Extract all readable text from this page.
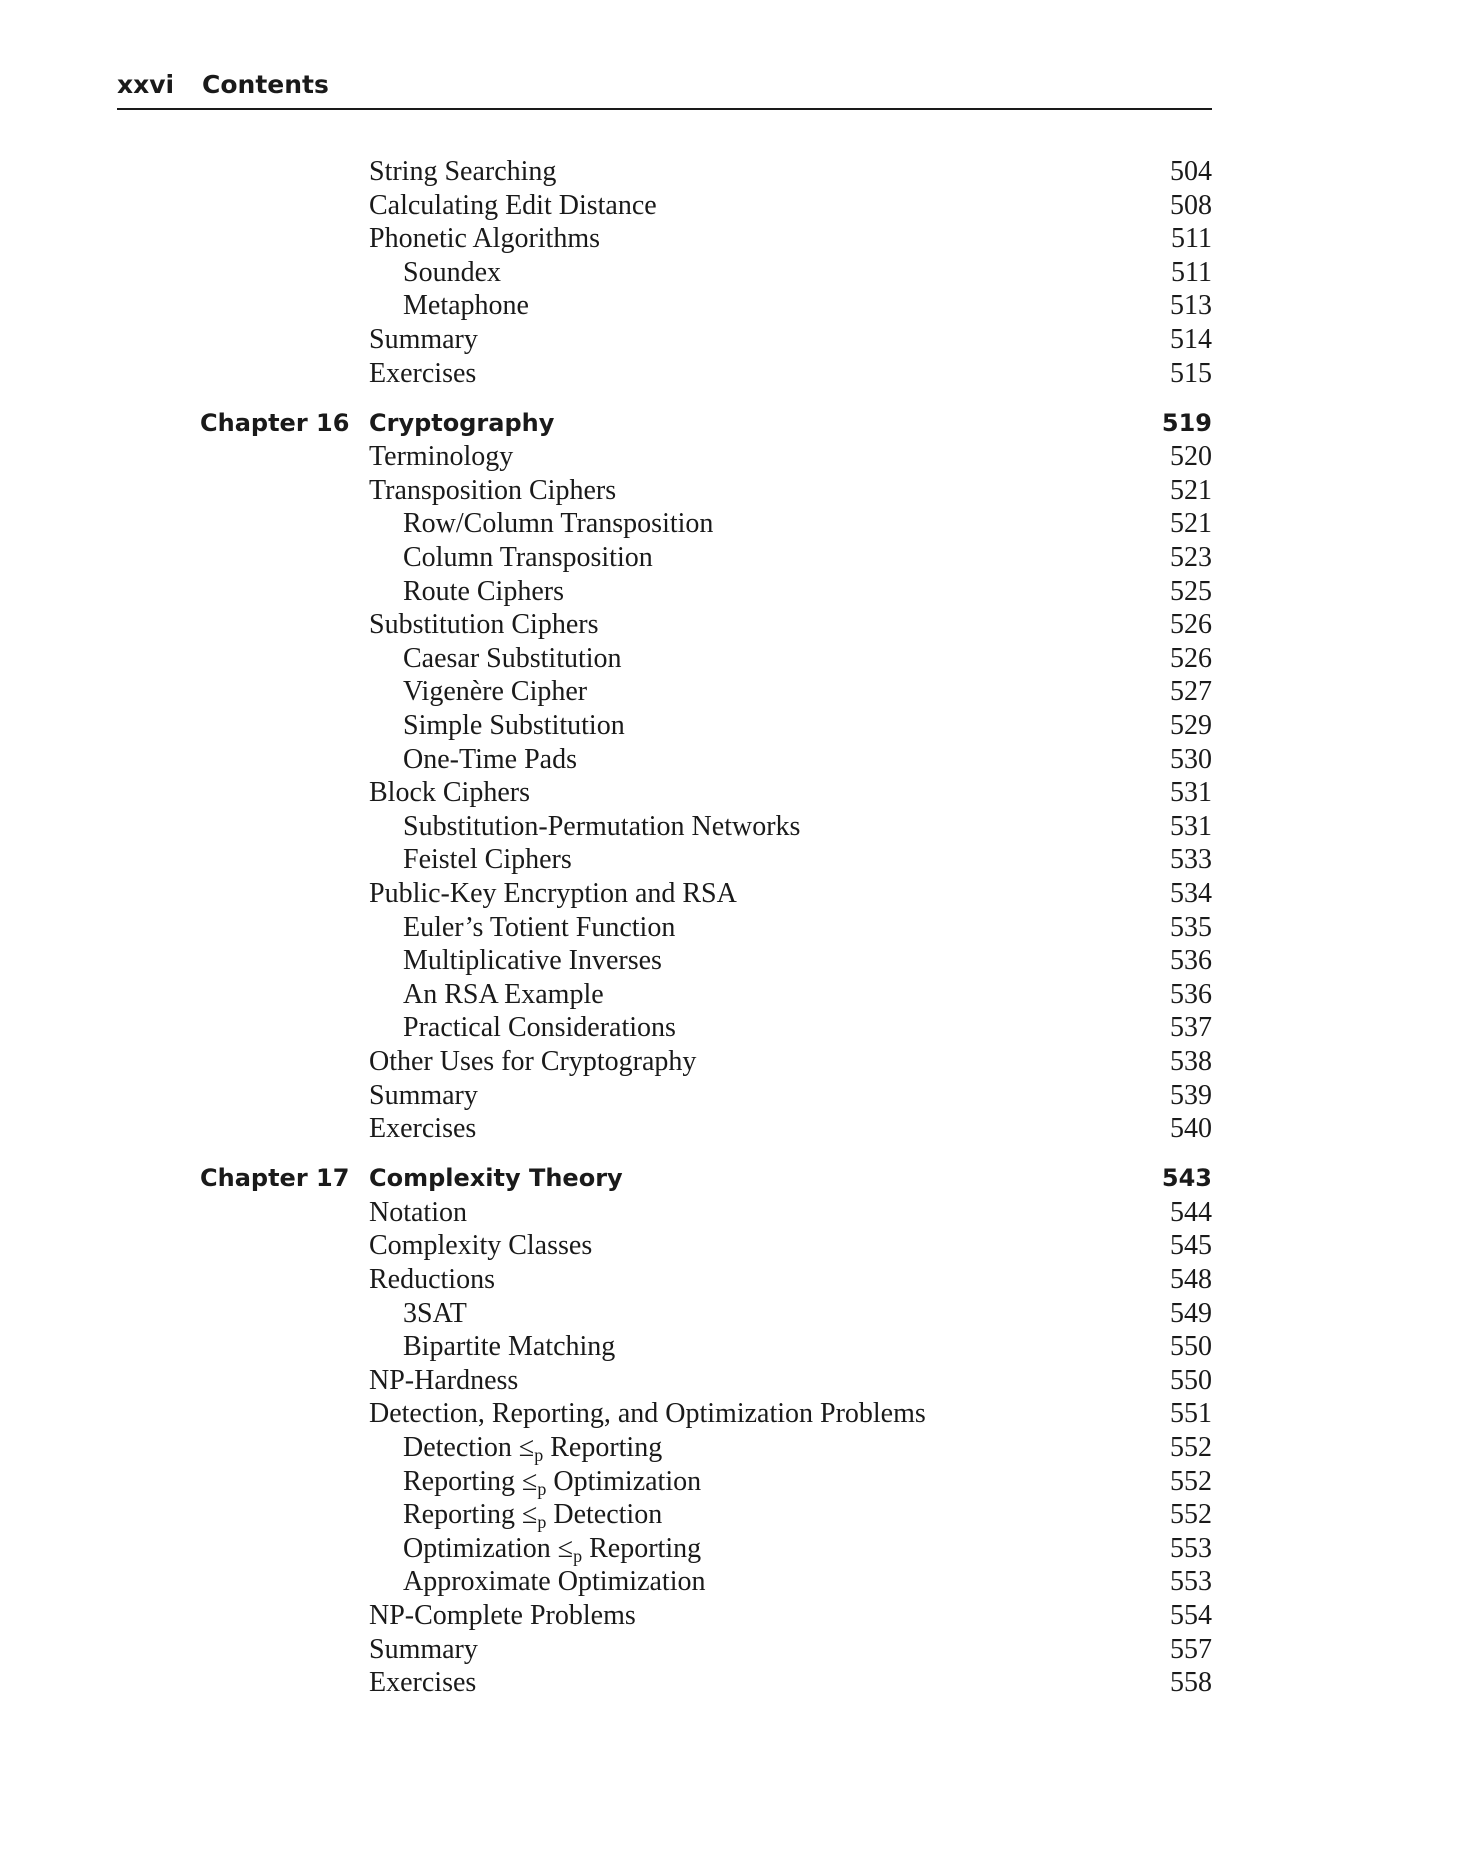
xxvi Contents
String Searching	504
Calculating Edit Distance	508
Phonetic Algorithms	511
Soundex	511
Metaphone	513
Summary	514
Exercises	515
Chapter 16 Cryptography	519
Terminology	520
Transposition Ciphers	521
Row/Column Transposition	521
Column Transposition	523
Route Ciphers	525
Substitution Ciphers	526
Caesar Substitution	526
Vigenère Cipher	527
Simple Substitution	529
One-Time Pads	530
Block Ciphers	531
Substitution-Permutation Networks	531
Feistel Ciphers	533
Public-Key Encryption and RSA	534
Euler’s Totient Function	535
Multiplicative Inverses	536
An RSA Example	536
Practical Considerations	537
Other Uses for Cryptography	538
Summary	539
Exercises	540
Chapter 17 Complexity Theory	543
Notation	544
Complexity Classes	545
Reductions	548
3SAT	549
Bipartite Matching	550
NP-Hardness	550
Detection, Reporting, and Optimization Problems	551
Detection $\le_p$ Reporting	552
Reporting $\le_p$ Optimization	552
Reporting $\le_p$ Detection	552
Optimization $\le_p$ Reporting	553
Approximate Optimization	553
NP-Complete Problems	554
Summary	557
Exercises	558
